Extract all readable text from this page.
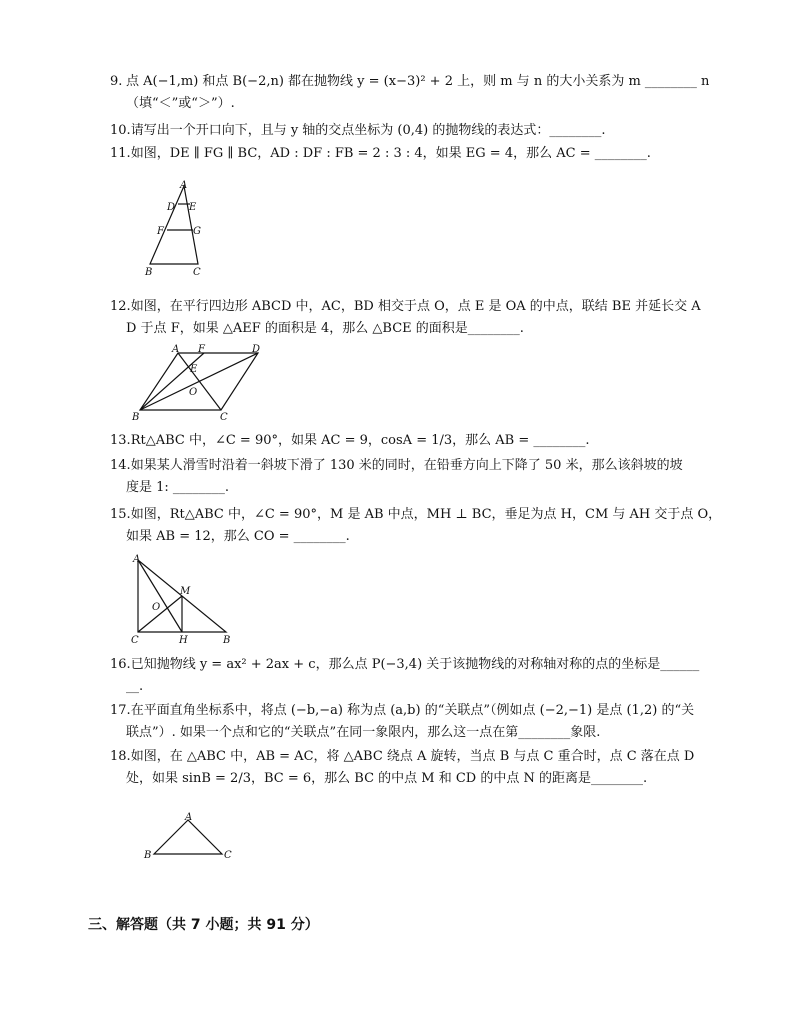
9. 点 A(−1,m) 和点 B(−2,n) 都在抛物线 y = (x−3)² + 2 上，则 m 与 n 的大小关系为 m ________ n
（填“＜”或“＞”）.
10.请写出一个开口向下，且与 y 轴的交点坐标为 (0,4) 的抛物线的表达式：________.
11.如图，DE ∥ FG ∥ BC，AD : DF : FB = 2 : 3 : 4，如果 EG = 4，那么 AC = ________.
A
D E
F	G
B	C
12.如图，在平行四边形 ABCD 中，AC，BD 相交于点 O，点 E 是 OA 的中点，联结 BE 并延长交 A
D 于点 F，如果 △AEF 的面积是 4，那么 △BCE 的面积是________.
A F	D
E
O
B	C
13.Rt△ABC 中，∠C = 90°，如果 AC = 9，cosA = 1/3，那么 AB = ________.
14.如果某人滑雪时沿着一斜坡下滑了 130 米的同时，在铅垂方向上下降了 50 米，那么该斜坡的坡
度是 1: ________.
15.如图，Rt△ABC 中，∠C = 90°，M 是 AB 中点，MH ⊥ BC，垂足为点 H，CM 与 AH 交于点 O，
如果 AB = 12，那么 CO = ________.
A
M
O
C	H	B
16.已知抛物线 y = ax² + 2ax + c，那么点 P(−3,4) 关于该抛物线的对称轴对称的点的坐标是______
__.
17.在平面直角坐标系中，将点 (−b,−a) 称为点 (a,b) 的“关联点”（例如点 (−2,−1) 是点 (1,2) 的“关
联点”）. 如果一个点和它的“关联点”在同一象限内，那么这一点在第________象限.
18.如图，在 △ABC 中，AB = AC，将 △ABC 绕点 A 旋转，当点 B 与点 C 重合时，点 C 落在点 D
处，如果 sinB = 2/3，BC = 6，那么 BC 的中点 M 和 CD 的中点 N 的距离是________.
A
B	C
三、解答题（共 7 小题；共 91 分）
